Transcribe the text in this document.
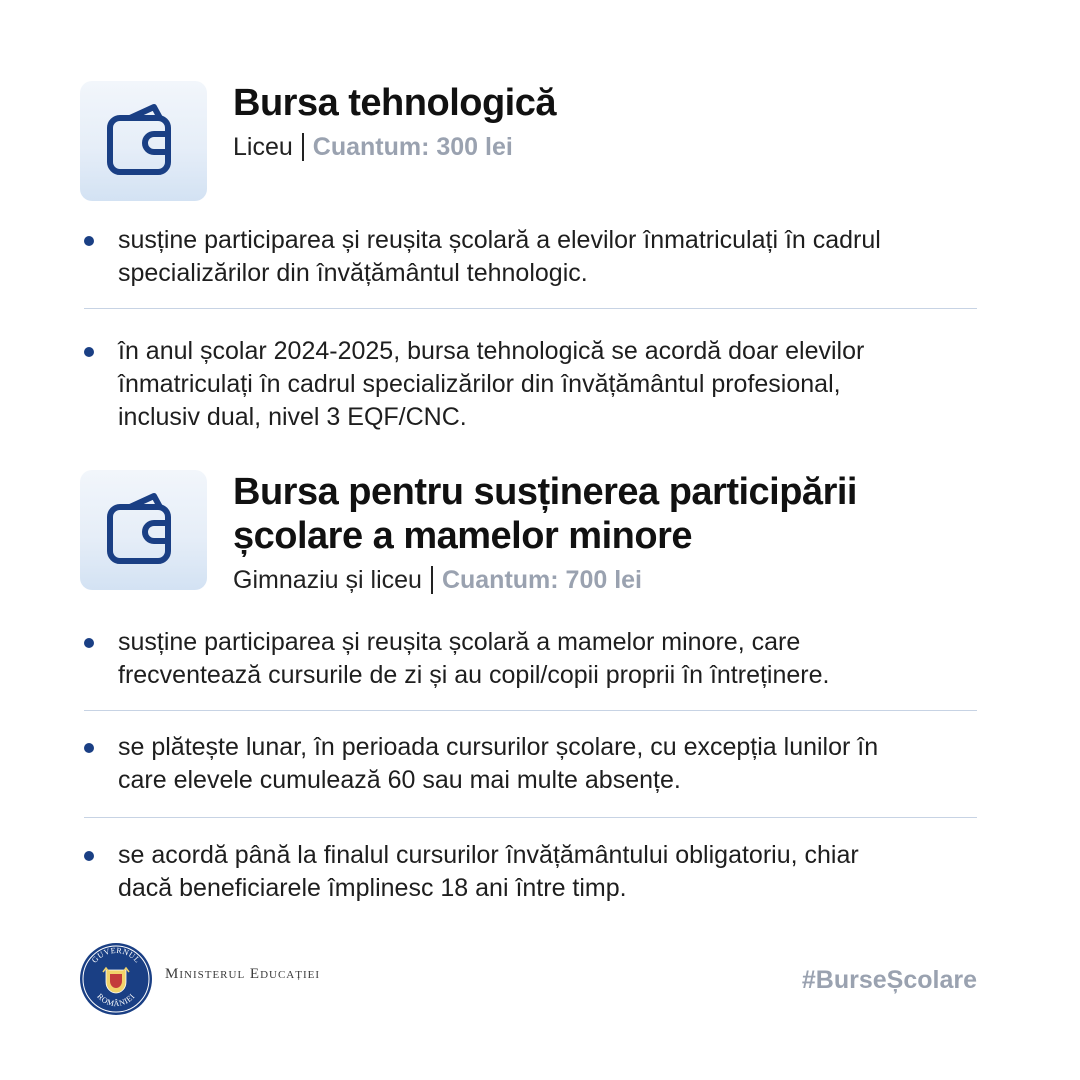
Bursa tehnologică
Liceu Cuantum: 300 lei
susține participarea și reușita școlară a elevilor înmatriculați în cadrul
specializărilor din învățământul tehnologic.
în anul școlar 2024-2025, bursa tehnologică se acordă doar elevilor
înmatriculați în cadrul specializărilor din învățământul profesional,
inclusiv dual, nivel 3 EQF/CNC.
Bursa pentru susținerea participării
școlare a mamelor minore
Gimnaziu și liceu Cuantum: 700 lei
susține participarea și reușita școlară a mamelor minore, care
frecventează cursurile de zi și au copil/copii proprii în întreținere.
se plătește lunar, în perioada cursurilor școlare, cu excepția lunilor în
care elevele cumulează 60 sau mai multe absențe.
se acordă până la finalul cursurilor învățământului obligatoriu, chiar
dacă beneficiarele împlinesc 18 ani între timp.
GUVERNUL
ROMÂNIEI
Ministerul Educației	#BurseȘcolare
